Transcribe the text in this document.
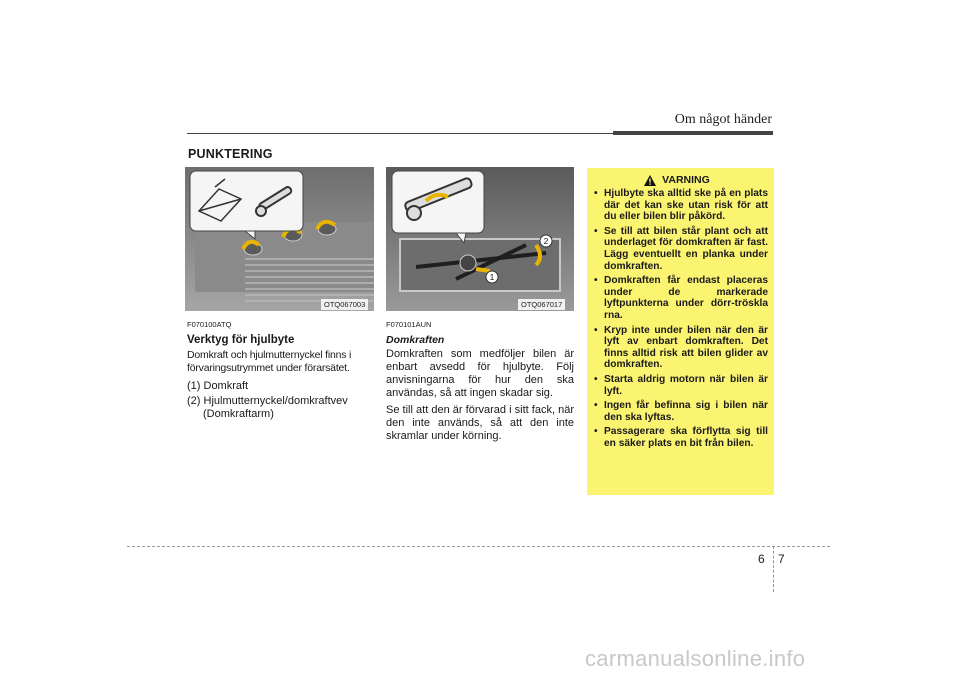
Om något händer
PUNKTERING
OTQ067003
1
2
OTQ067017
F070100ATQ
Verktyg för hjulbyte
Domkraft och hjulmutternyckel finns i förvaringsutrymmet under förarsätet.
(1) Domkraft
(2) Hjulmutternyckel/domkraftvev (Domkraftarm)
F070101AUN
Domkraften
Domkraften som medföljer bilen är enbart avsedd för hjulbyte. Följ anvisningarna för hur den ska användas, så att ingen skadar sig.
Se till att den är förvarad i sitt fack, när den inte används, så att den inte skramlar under körning.
VARNING
• Hjulbyte ska alltid ske på en plats där det kan ske utan risk för att du eller bilen blir påkörd.
• Se till att bilen står plant och att underlaget för domkraften är fast. Lägg eventuellt en planka under domkraften.
• Domkraften får endast placeras under de markerade lyftpunkterna under dörr-tröskla rna.
• Kryp inte under bilen när den är lyft av enbart domkraften. Det finns alltid risk att bilen glider av domkraften.
• Starta aldrig motorn när bilen är lyft.
• Ingen får befinna sig i bilen när den ska lyftas.
• Passagerare ska förflytta sig till en säker plats en bit från bilen.
6 7
carmanualsonline.info
